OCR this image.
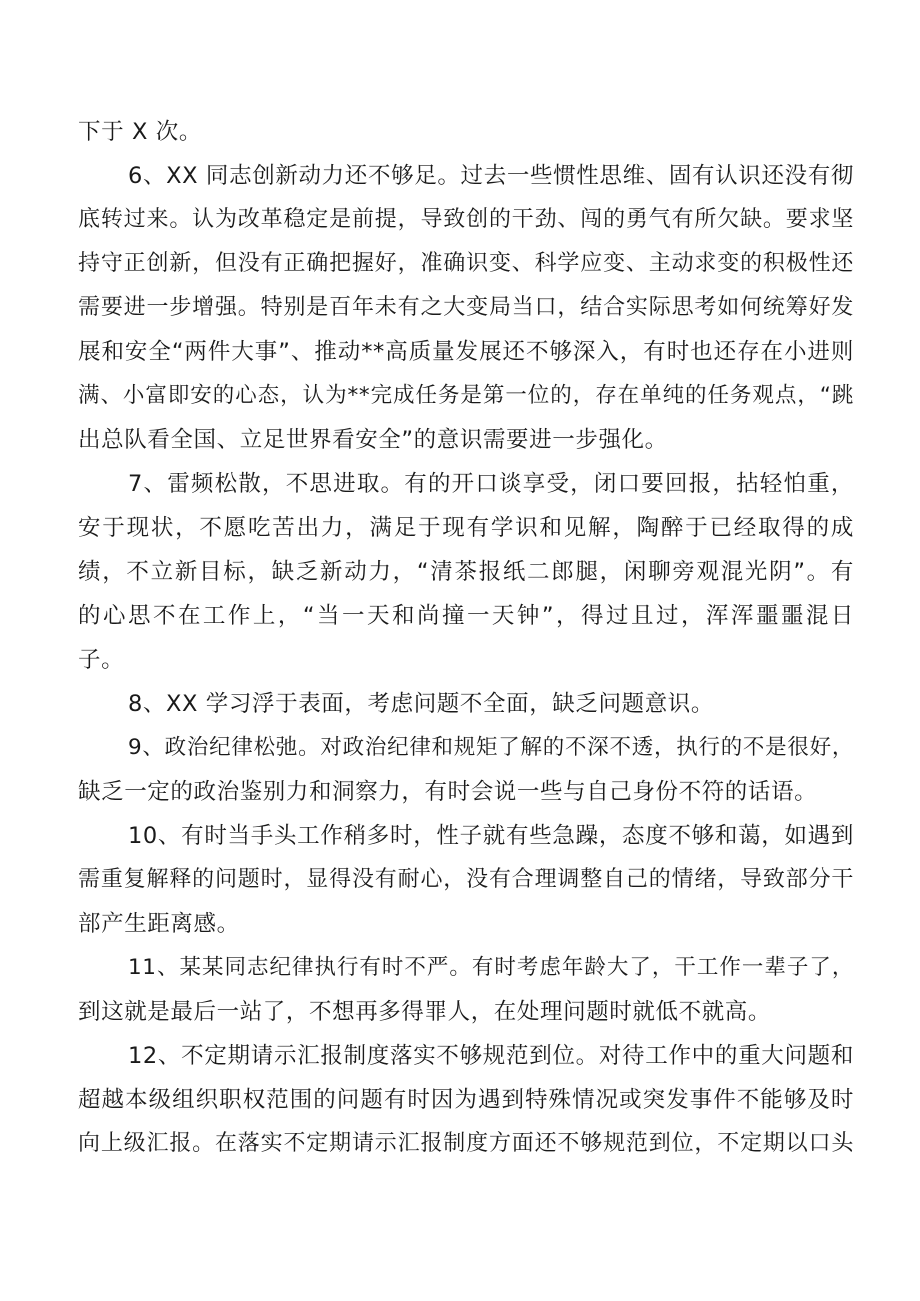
下于 X 次。
6、XX 同志创新动力还不够足。过去一些惯性思维、固有认识还没有彻
底转过来。认为改革稳定是前提，导致创的干劲、闯的勇气有所欠缺。要求坚
持守正创新，但没有正确把握好，准确识变、科学应变、主动求变的积极性还
需要进一步增强。特别是百年未有之大变局当口，结合实际思考如何统筹好发
展和安全“两件大事”、推动**高质量发展还不够深入，有时也还存在小进则
满、小富即安的心态，认为**完成任务是第一位的，存在单纯的任务观点，“跳
出总队看全国、立足世界看安全”的意识需要进一步强化。
7、雷频松散，不思进取。有的开口谈享受，闭口要回报，拈轻怕重，
安于现状，不愿吃苦出力，满足于现有学识和见解，陶醉于已经取得的成
绩，不立新目标，缺乏新动力，“清茶报纸二郎腿，闲聊旁观混光阴”。有
的心思不在工作上，“当一天和尚撞一天钟”，得过且过，浑浑噩噩混日
子。
8、XX 学习浮于表面，考虑问题不全面，缺乏问题意识。
9、政治纪律松弛。对政治纪律和规矩了解的不深不透，执行的不是很好，
缺乏一定的政治鉴别力和洞察力，有时会说一些与自己身份不符的话语。
10、有时当手头工作稍多时，性子就有些急躁，态度不够和蔼，如遇到
需重复解释的问题时，显得没有耐心，没有合理调整自己的情绪，导致部分干
部产生距离感。
11、某某同志纪律执行有时不严。有时考虑年龄大了，干工作一辈子了，
到这就是最后一站了，不想再多得罪人，在处理问题时就低不就高。
12、不定期请示汇报制度落实不够规范到位。对待工作中的重大问题和
超越本级组织职权范围的问题有时因为遇到特殊情况或突发事件不能够及时
向上级汇报。在落实不定期请示汇报制度方面还不够规范到位，不定期以口头
